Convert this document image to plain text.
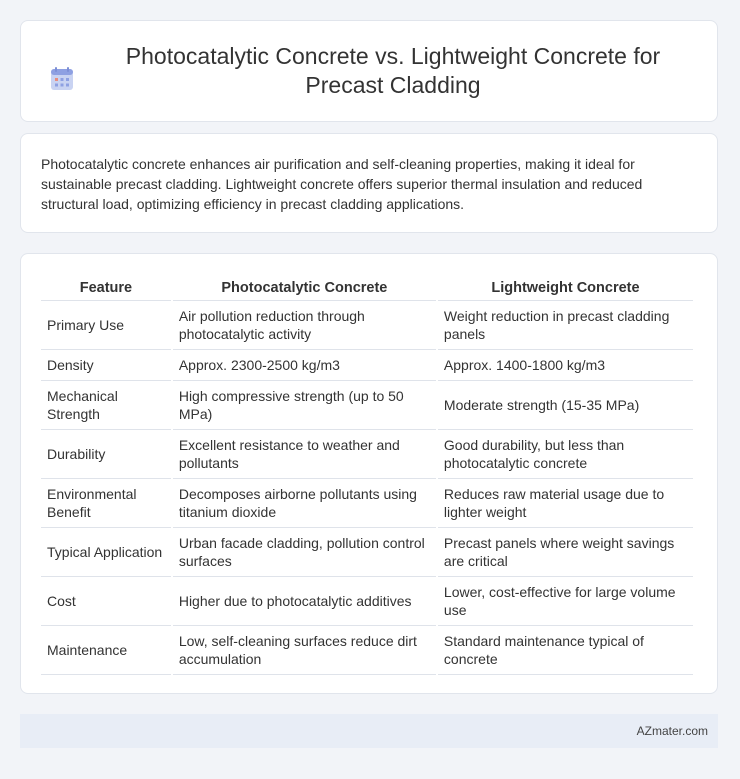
Photocatalytic Concrete vs. Lightweight Concrete for Precast Cladding

Photocatalytic concrete enhances air purification and self-cleaning properties, making it ideal for sustainable precast cladding. Lightweight concrete offers superior thermal insulation and reduced structural load, optimizing efficiency in precast cladding applications.

Feature	Photocatalytic Concrete	Lightweight Concrete
Primary Use	Air pollution reduction through photocatalytic activity	Weight reduction in precast cladding panels
Density	Approx. 2300-2500 kg/m3	Approx. 1400-1800 kg/m3
Mechanical Strength	High compressive strength (up to 50 MPa)	Moderate strength (15-35 MPa)
Durability	Excellent resistance to weather and pollutants	Good durability, but less than photocatalytic concrete
Environmental Benefit	Decomposes airborne pollutants using titanium dioxide	Reduces raw material usage due to lighter weight
Typical Application	Urban facade cladding, pollution control surfaces	Precast panels where weight savings are critical
Cost	Higher due to photocatalytic additives	Lower, cost-effective for large volume use
Maintenance	Low, self-cleaning surfaces reduce dirt accumulation	Standard maintenance typical of concrete
AZmater.com
